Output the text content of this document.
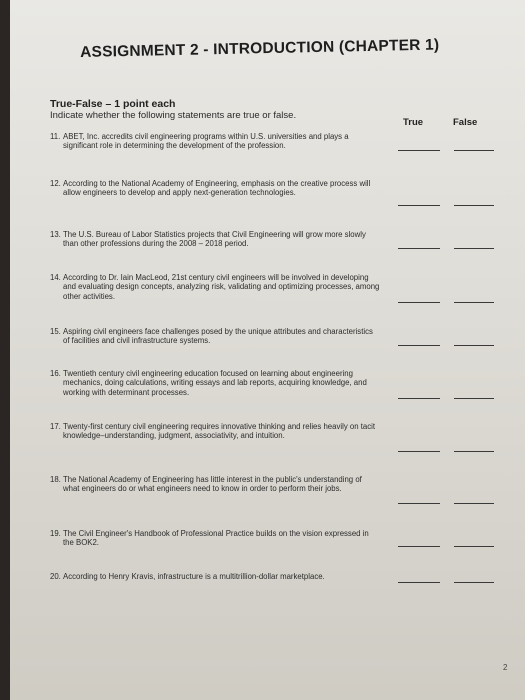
ASSIGNMENT 2 - INTRODUCTION (CHAPTER 1)
True-False – 1 point each
Indicate whether the following statements are true or false.
True	False
11. ABET, Inc. accredits civil engineering programs within U.S. universities and plays a significant role in determining the development of the profession.
12. According to the National Academy of Engineering, emphasis on the creative process will allow engineers to develop and apply next-generation technologies.
13. The U.S. Bureau of Labor Statistics projects that Civil Engineering will grow more slowly than other professions during the 2008 – 2018 period.
14. According to Dr. Iain MacLeod, 21st century civil engineers will be involved in developing and evaluating design concepts, analyzing risk, validating and optimizing processes, among other activities.
15. Aspiring civil engineers face challenges posed by the unique attributes and characteristics of facilities and civil infrastructure systems.
16. Twentieth century civil engineering education focused on learning about engineering mechanics, doing calculations, writing essays and lab reports, acquiring knowledge, and working with determinant processes.
17. Twenty-first century civil engineering requires innovative thinking and relies heavily on tacit knowledge–understanding, judgment, associativity, and intuition.
18. The National Academy of Engineering has little interest in the public's understanding of what engineers do or what engineers need to know in order to perform their jobs.
19. The Civil Engineer's Handbook of Professional Practice builds on the vision expressed in the BOK2.
20. According to Henry Kravis, infrastructure is a multitrillion-dollar marketplace.
2
